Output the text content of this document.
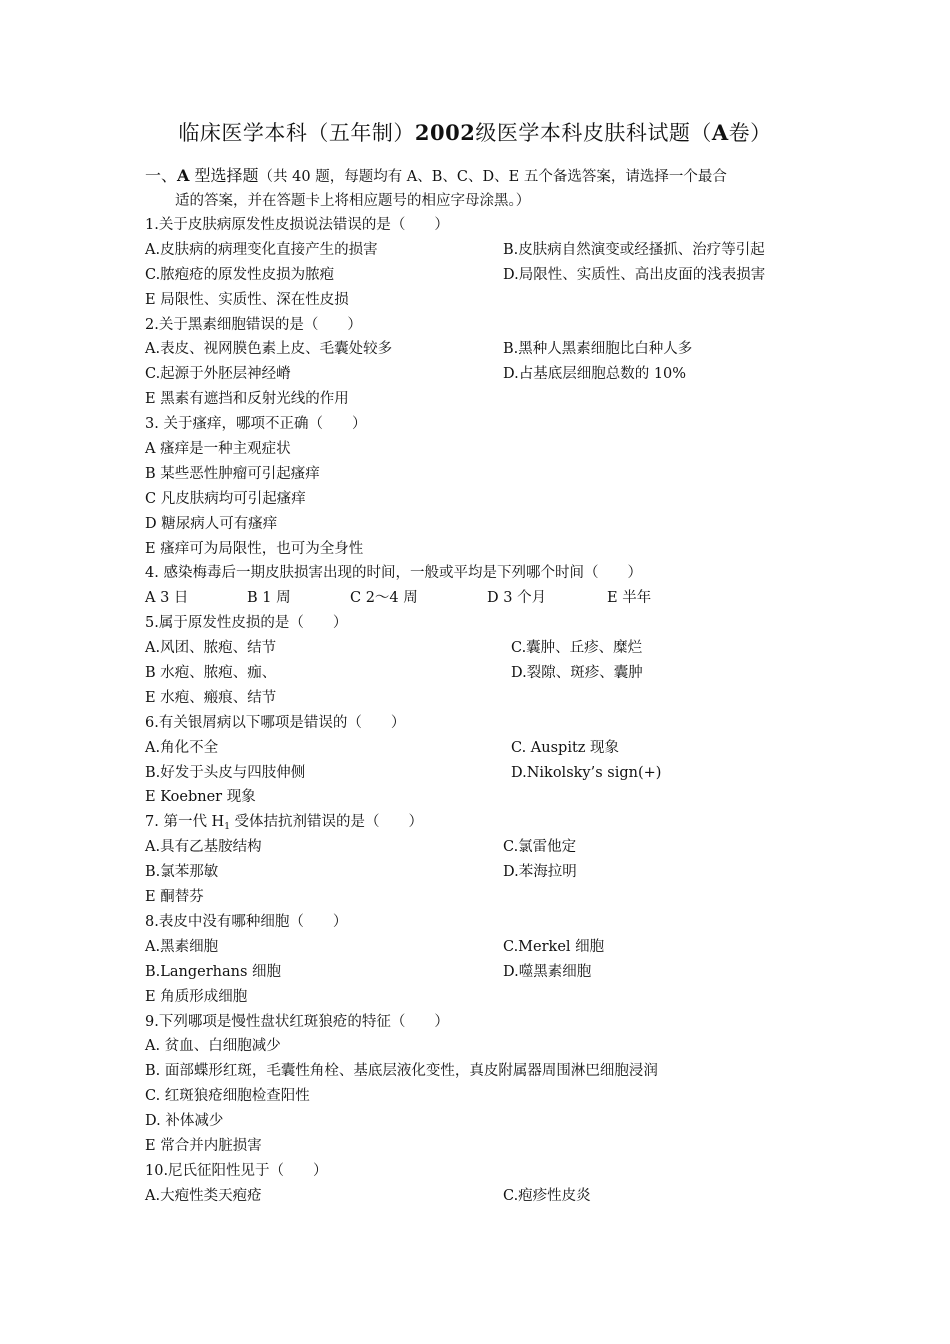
临床医学本科（五年制）2002级医学本科皮肤科试题（A卷）
一、A 型选择题（共 40 题，每题均有 A、B、C、D、E 五个备选答案，请选择一个最合
适的答案，并在答题卡上将相应题号的相应字母涂黑。）
1.关于皮肤病原发性皮损说法错误的是（　　）
A.皮肤病的病理变化直接产生的损害	B.皮肤病自然演变或经搔抓、治疗等引起
C.脓疱疮的原发性皮损为脓疱	D.局限性、实质性、高出皮面的浅表损害
E 局限性、实质性、深在性皮损
2.关于黑素细胞错误的是（　　）
A.表皮、视网膜色素上皮、毛囊处较多	B.黑种人黑素细胞比白种人多
C.起源于外胚层神经嵴	D.占基底层细胞总数的 10%
E 黑素有遮挡和反射光线的作用
3. 关于瘙痒，哪项不正确（　　）
A 瘙痒是一种主观症状
B 某些恶性肿瘤可引起瘙痒
C 凡皮肤病均可引起瘙痒
D 糖尿病人可有瘙痒
E 瘙痒可为局限性，也可为全身性
4. 感染梅毒后一期皮肤损害出现的时间，一般或平均是下列哪个时间（　　）
A 3 日	B 1 周	C 2～4 周	D 3 个月	E 半年
5.属于原发性皮损的是（　　）
A.风团、脓疱、结节	C.囊肿、丘疹、糜烂
B 水疱、脓疱、痂、	D.裂隙、斑疹、囊肿
E 水疱、瘢痕、结节
6.有关银屑病以下哪项是错误的（　　）
A.角化不全	C. Auspitz 现象
B.好发于头皮与四肢伸侧	D.Nikolsky’s sign(+)
E Koebner 现象
7. 第一代 $H_1$ 受体拮抗剂错误的是（　　）
A.具有乙基胺结构	C.氯雷他定
B.氯苯那敏	D.苯海拉明
E 酮替芬
8.表皮中没有哪种细胞（　　）
A.黑素细胞	C.Merkel 细胞
B.Langerhans 细胞	D.噬黑素细胞
E 角质形成细胞
9.下列哪项是慢性盘状红斑狼疮的特征（　　）
A. 贫血、白细胞减少
B. 面部蝶形红斑，毛囊性角栓、基底层液化变性，真皮附属器周围淋巴细胞浸润
C. 红斑狼疮细胞检查阳性
D. 补体减少
E 常合并内脏损害
10.尼氏征阳性见于（　　）
A.大疱性类天疱疮	C.疱疹性皮炎
